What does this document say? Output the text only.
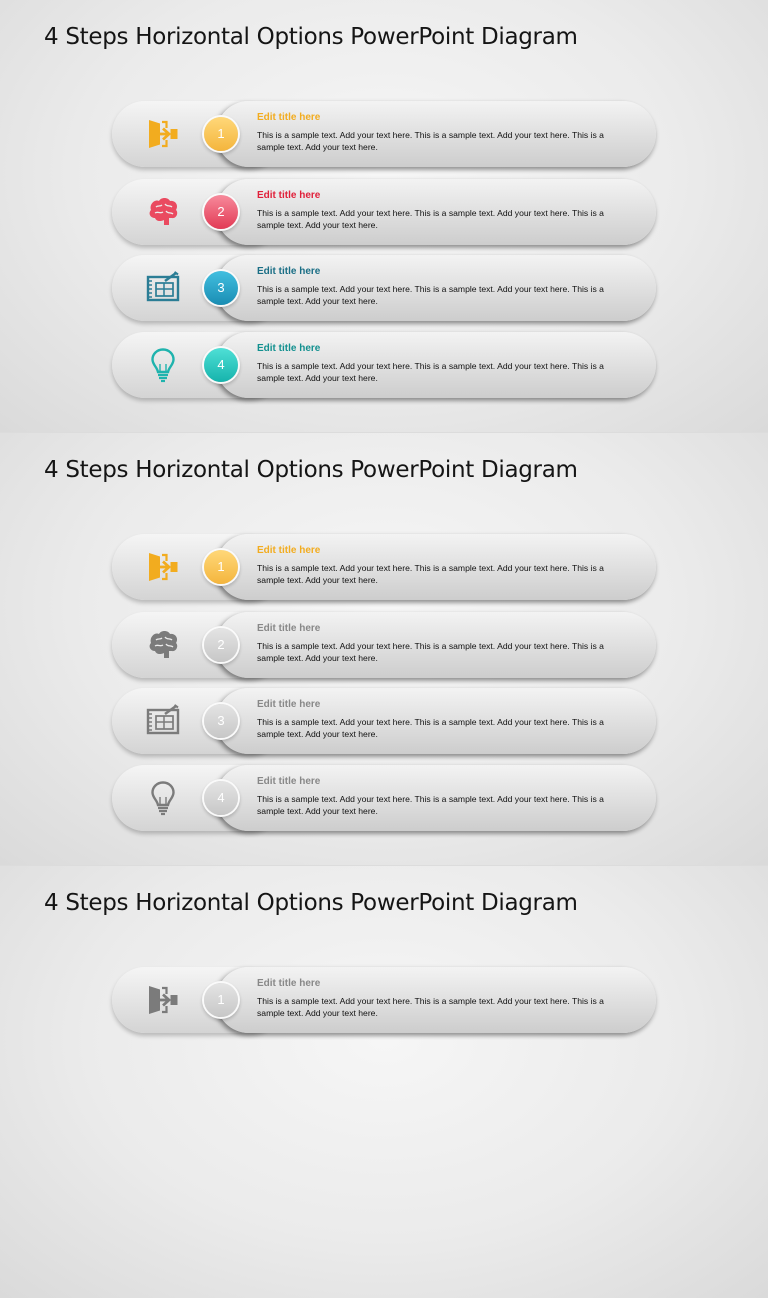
4 Steps Horizontal Options PowerPoint Diagram
1
Edit title here
This is a sample text. Add your text here. This is a sample text. Add your text here. This is a sample text. Add your text here.
2
Edit title here
This is a sample text. Add your text here. This is a sample text. Add your text here. This is a sample text. Add your text here.
3
Edit title here
This is a sample text. Add your text here. This is a sample text. Add your text here. This is a sample text. Add your text here.
4
Edit title here
This is a sample text. Add your text here. This is a sample text. Add your text here. This is a sample text. Add your text here.
4 Steps Horizontal Options PowerPoint Diagram
1
Edit title here
This is a sample text. Add your text here. This is a sample text. Add your text here. This is a sample text. Add your text here.
2
Edit title here
This is a sample text. Add your text here. This is a sample text. Add your text here. This is a sample text. Add your text here.
3
Edit title here
This is a sample text. Add your text here. This is a sample text. Add your text here. This is a sample text. Add your text here.
4
Edit title here
This is a sample text. Add your text here. This is a sample text. Add your text here. This is a sample text. Add your text here.
4 Steps Horizontal Options PowerPoint Diagram
1
Edit title here
This is a sample text. Add your text here. This is a sample text. Add your text here. This is a sample text. Add your text here.
